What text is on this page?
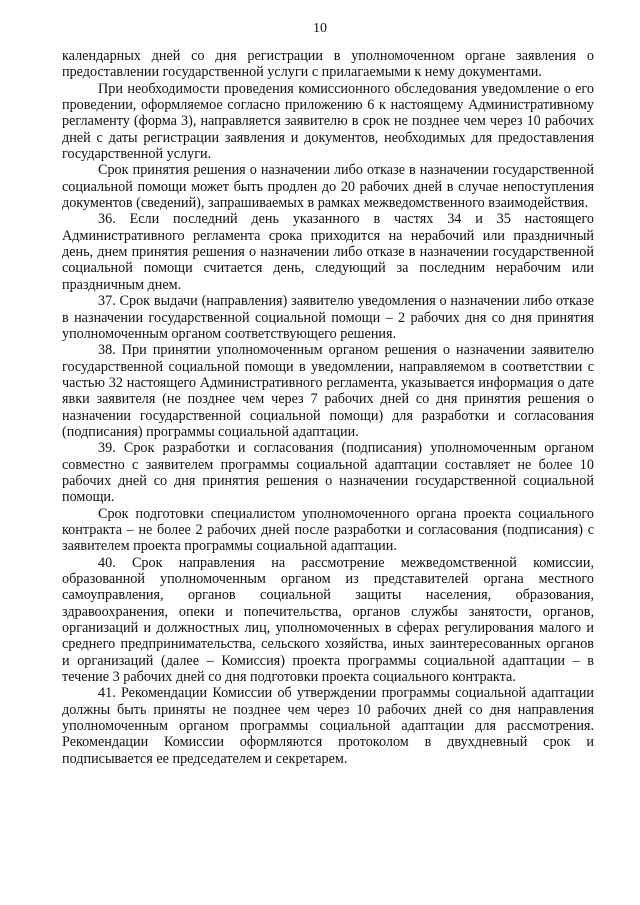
10

календарных дней со дня регистрации в уполномоченном органе заявления о предоставлении государственной услуги с прилагаемыми к нему документами.

При необходимости проведения комиссионного обследования уведомление о его проведении, оформляемое согласно приложению 6 к настоящему Административному регламенту (форма 3), направляется заявителю в срок не позднее чем через 10 рабочих дней с даты регистрации заявления и документов, необходимых для предоставления государственной услуги.

Срок принятия решения о назначении либо отказе в назначении государственной социальной помощи может быть продлен до 20 рабочих дней в случае непоступления документов (сведений), запрашиваемых в рамках межведомственного взаимодействия.

36. Если последний день указанного в частях 34 и 35 настоящего Административного регламента срока приходится на нерабочий или праздничный день, днем принятия решения о назначении либо отказе в назначении государственной социальной помощи считается день, следующий за последним нерабочим или праздничным днем.

37. Срок выдачи (направления) заявителю уведомления о назначении либо отказе в назначении государственной социальной помощи – 2 рабочих дня со дня принятия уполномоченным органом соответствующего решения.

38. При принятии уполномоченным органом решения о назначении заявителю государственной социальной помощи в уведомлении, направляемом в соответствии с частью 32 настоящего Административного регламента, указывается информация о дате явки заявителя (не позднее чем через 7 рабочих дней со дня принятия решения о назначении государственной социальной помощи) для разработки и согласования (подписания) программы социальной адаптации.

39. Срок разработки и согласования (подписания) уполномоченным органом совместно с заявителем программы социальной адаптации составляет не более 10 рабочих дней со дня принятия решения о назначении государственной социальной помощи.

Срок подготовки специалистом уполномоченного органа проекта социального контракта – не более 2 рабочих дней после разработки и согласования (подписания) с заявителем проекта программы социальной адаптации.

40. Срок направления на рассмотрение межведомственной комиссии, образованной уполномоченным органом из представителей органа местного самоуправления, органов социальной защиты населения, образования, здравоохранения, опеки и попечительства, органов службы занятости, органов, организаций и должностных лиц, уполномоченных в сферах регулирования малого и среднего предпринимательства, сельского хозяйства, иных заинтересованных органов и организаций (далее – Комиссия) проекта программы социальной адаптации – в течение 3 рабочих дней со дня подготовки проекта социального контракта.

41. Рекомендации Комиссии об утверждении программы социальной адаптации должны быть приняты не позднее чем через 10 рабочих дней со дня направления уполномоченным органом программы социальной адаптации для рассмотрения. Рекомендации Комиссии оформляются протоколом в двухдневный срок и подписывается ее председателем и секретарем.
